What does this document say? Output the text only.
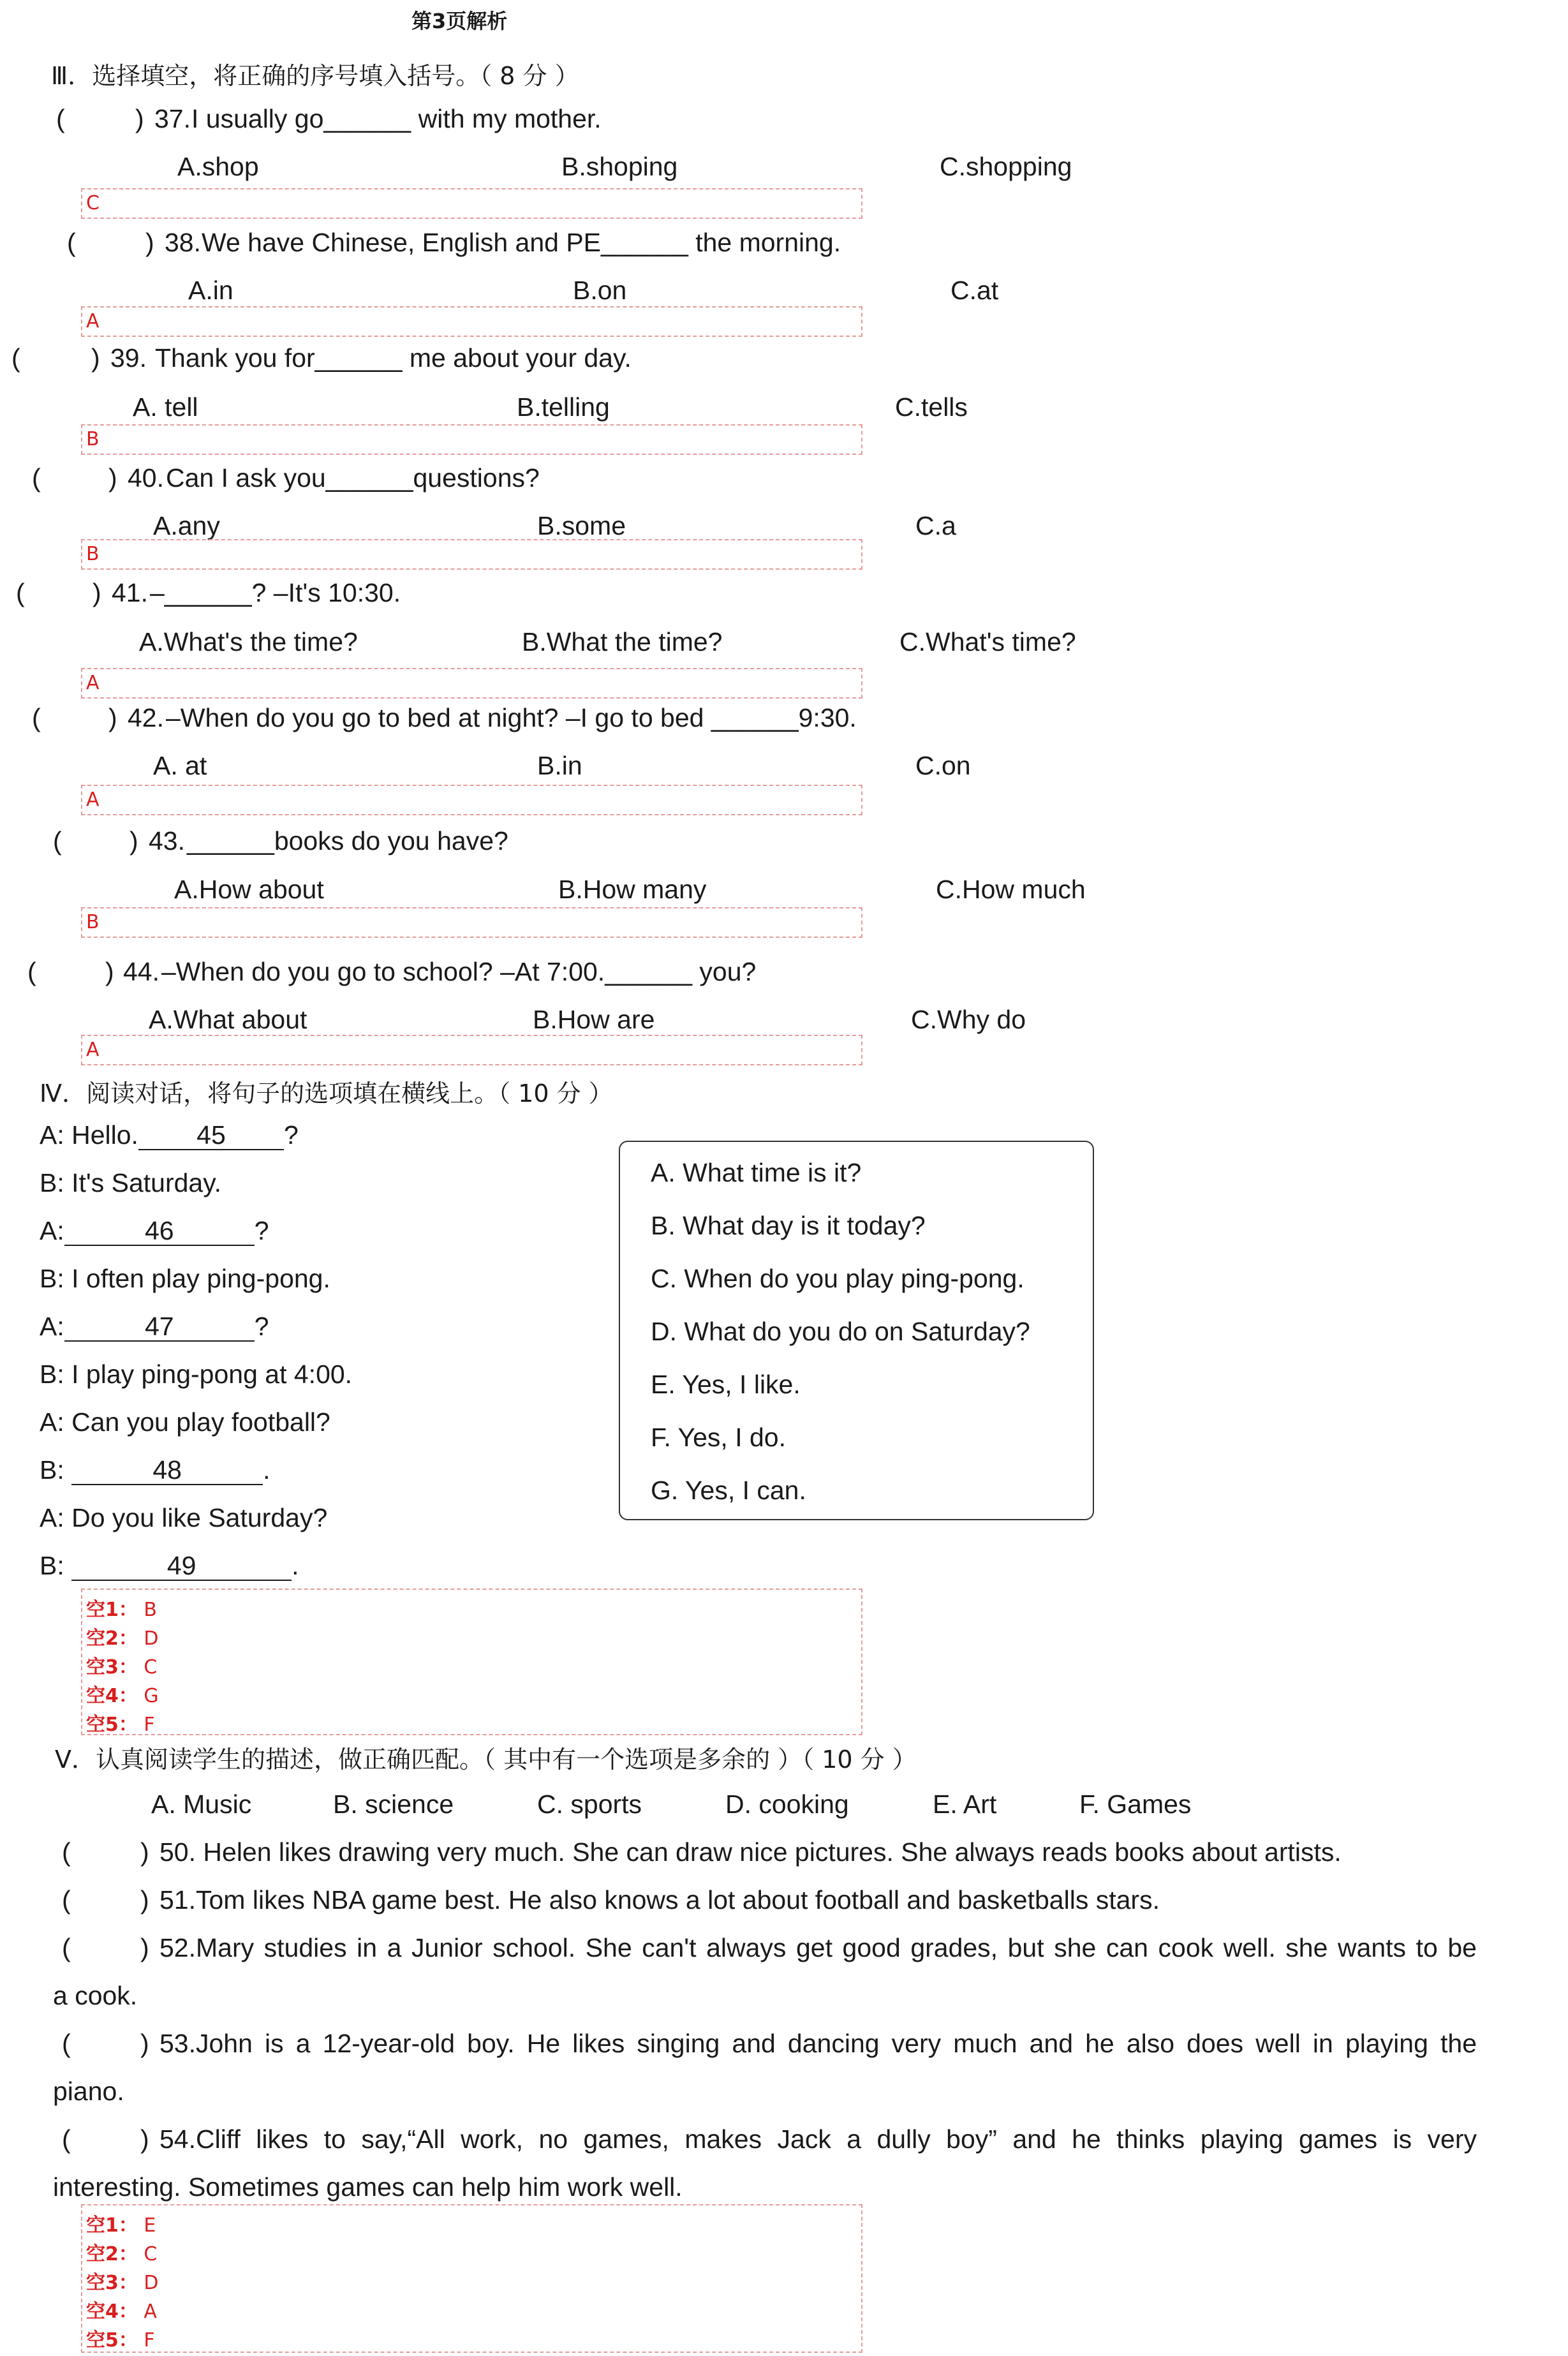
第3页解析
Ⅲ．选择填空，将正确的序号填入括号。（ 8 分 ）
(	) 37. I usually go______ with my mother.
A.shop	B.shoping	C.shopping
C
(	) 38. We have Chinese, English and PE______ the morning.
A.in	B.on	C.at
A
(	) 39. Thank you for______ me about your day.
A. tell	B.telling	C.tells
B
(	) 40. Can I ask you______questions?
A.any	B.some	C.a
B
(	) 41. –______? –It's 10:30.
A.What's the time?	B.What the time?	C.What's time?
A
(	) 42. –When do you go to bed at night? –I go to bed ______9:30.
A. at	B.in	C.on
A
(	) 43. ______books do you have?
A.How about	B.How many	C.How much
B
(	) 44. –When do you go to school? –At 7:00.______ you?
A.What about	B.How are	C.Why do
A
Ⅳ．阅读对话，将句子的选项填在横线上。（ 10 分 ）
A: Hello. 45 ?
B: It's Saturday.
A:	46	?
B: I often play ping-pong.
A:	47	?
B: I play ping-pong at 4:00.
A: Can you play football?
B:	48	.
A: Do you like Saturday?
B:	49	.
A. What time is it?
B. What day is it today?
C. When do you play ping-pong.
D. What do you do on Saturday?
E. Yes, I like.
F. Yes, I do.
G. Yes, I can.
空1： B
空2： D
空3： C
空4： G
空5： F
Ⅴ．认真阅读学生的描述，做正确匹配。（ 其中有一个选项是多余的 ）（ 10 分 ）
A. Music	B. science	C. sports	D. cooking	E. Art	F. Games
(	) 50. Helen likes drawing very much. She can draw nice pictures. She always reads books about artists.
(	) 51.Tom likes NBA game best. He also knows a lot about football and basketballs stars.
(	) 52.Mary studies in a Junior school. She can't always get good grades, but she can cook well. she wants to be
a cook.
(	) 53.John is a 12-year-old boy. He likes singing and dancing very much and he also does well in playing the
piano.
(	) 54.Cliff likes to say,“All work, no games, makes Jack a dully boy” and he thinks playing games is very
interesting. Sometimes games can help him work well.
空1： E
空2： C
空3： D
空4： A
空5： F
